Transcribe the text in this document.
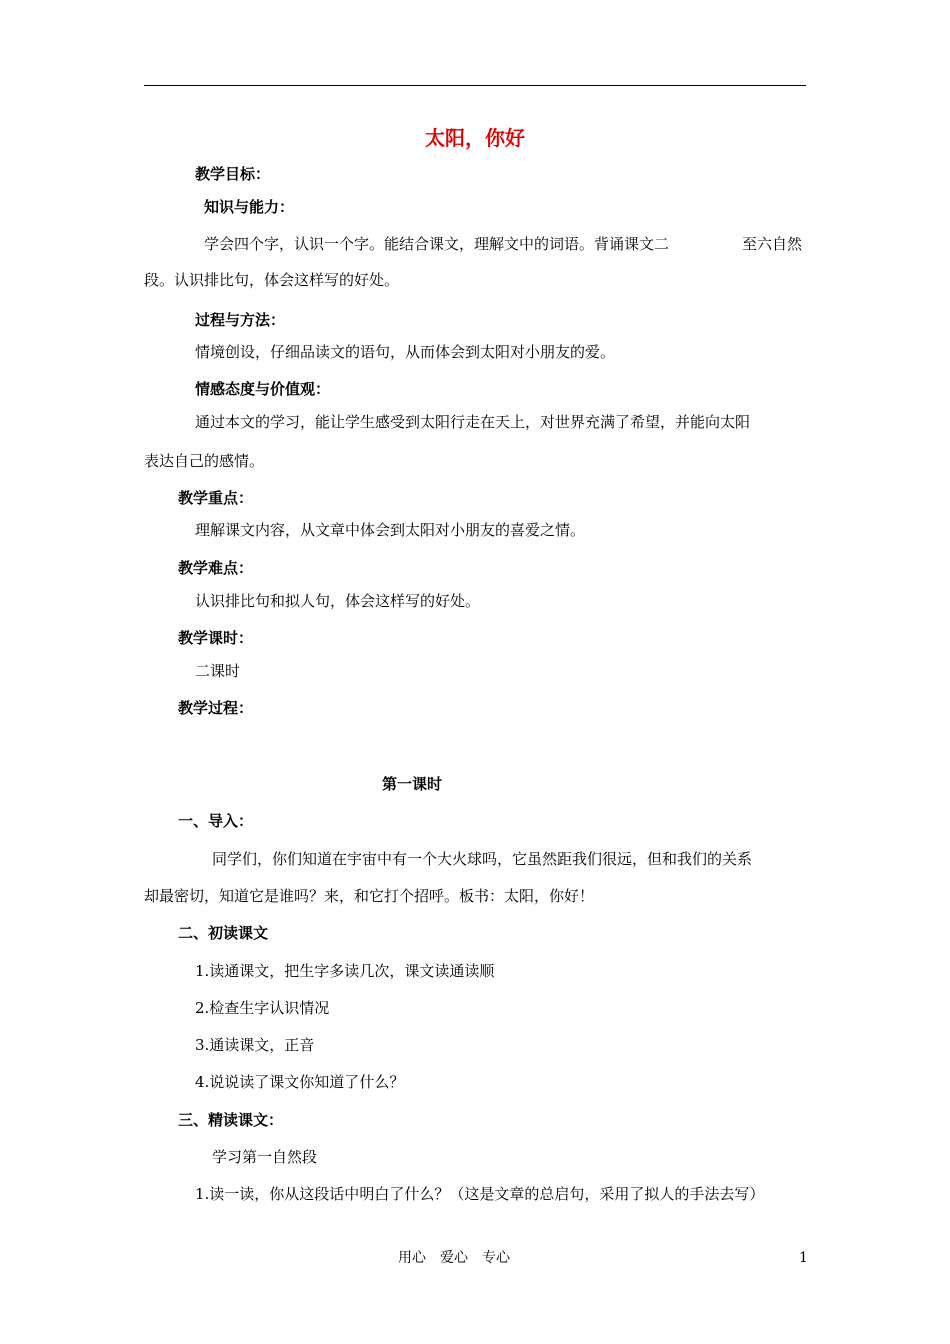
太阳，你好
教学目标：
知识与能力：
学会四个字，认识一个字。能结合课文，理解文中的词语。背诵课文二	至六自然
段。认识排比句，体会这样写的好处。
过程与方法：
情境创设，仔细品读文的语句，从而体会到太阳对小朋友的爱。
情感态度与价值观：
通过本文的学习，能让学生感受到太阳行走在天上，对世界充满了希望，并能向太阳
表达自己的感情。
教学重点：
理解课文内容，从文章中体会到太阳对小朋友的喜爱之情。
教学难点：
认识排比句和拟人句，体会这样写的好处。
教学课时：
二课时
教学过程：
第一课时
一、导入：
同学们，你们知道在宇宙中有一个大火球吗，它虽然距我们很远，但和我们的关系
却最密切，知道它是谁吗？来，和它打个招呼。板书：太阳，你好！
二、初读课文
1.读通课文，把生字多读几次，课文读通读顺
2.检查生字认识情况
3.通读课文，正音
4.说说读了课文你知道了什么？
三、精读课文：
学习第一自然段
1.读一读，你从这段话中明白了什么？（这是文章的总启句，采用了拟人的手法去写）
用心　爱心　专心	1
